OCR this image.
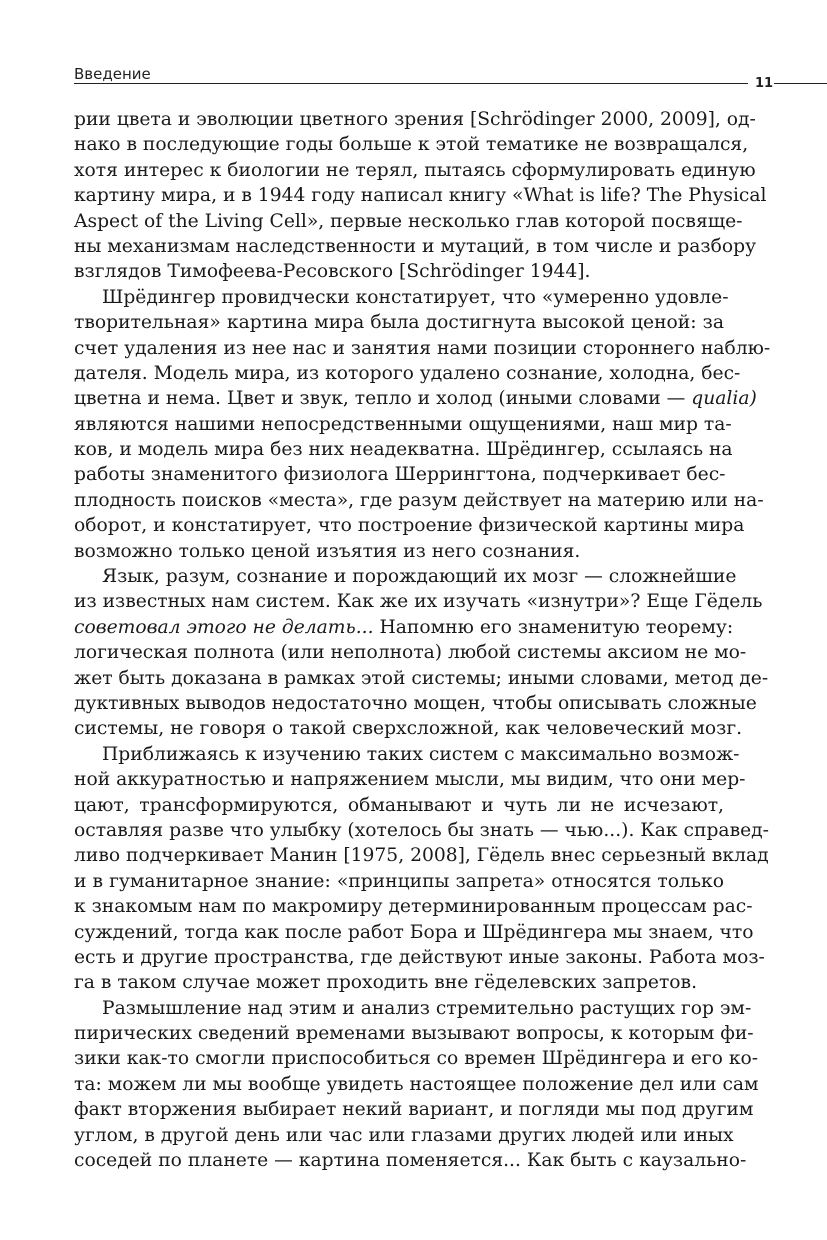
Введение
11
рии цвета и эволюции цветного зрения [Schrödinger 2000, 2009], од-
нако в последующие годы больше к этой тематике не возвращался,
хотя интерес к биологии не терял, пытаясь сформулировать единую
картину мира, и в 1944 году написал книгу «What is life? The Physical
Aspect of the Living Cell», первые несколько глав которой посвяще-
ны механизмам наследственности и мутаций, в том числе и разбору
взглядов Тимофеева-Ресовского [Schrödinger 1944].
Шрёдингер провидчески констатирует, что «умеренно удовле-
творительная» картина мира была достигнута высокой ценой: за
счет удаления из нее нас и занятия нами позиции стороннего наблю-
дателя. Модель мира, из которого удалено сознание, холодна, бес-
цветна и нема. Цвет и звук, тепло и холод (иными словами — qualia)
являются нашими непосредственными ощущениями, наш мир та-
ков, и модель мира без них неадекватна. Шрёдингер, ссылаясь на
работы знаменитого физиолога Шеррингтона, подчеркивает бес-
плодность поисков «места», где разум действует на материю или на-
оборот, и констатирует, что построение физической картины мира
возможно только ценой изъятия из него сознания.
Язык, разум, сознание и порождающий их мозг — сложнейшие
из известных нам систем. Как же их изучать «изнутри»? Еще Гёдель
советовал этого не делать... Напомню его знаменитую теорему:
логическая полнота (или неполнота) любой системы аксиом не мо-
жет быть доказана в рамках этой системы; иными словами, метод де-
дуктивных выводов недостаточно мощен, чтобы описывать сложные
системы, не говоря о такой сверхсложной, как человеческий мозг.
Приближаясь к изучению таких систем с максимально возмож-
ной аккуратностью и напряжением мысли, мы видим, что они мер-
цают, трансформируются, обманывают и чуть ли не исчезают,
оставляя разве что улыбку (хотелось бы знать — чью...). Как справед-
ливо подчеркивает Манин [1975, 2008], Гёдель внес серьезный вклад
и в гуманитарное знание: «принципы запрета» относятся только
к знакомым нам по макромиру детерминированным процессам рас-
суждений, тогда как после работ Бора и Шрёдингера мы знаем, что
есть и другие пространства, где действуют иные законы. Работа моз-
га в таком случае может проходить вне гёделевских запретов.
Размышление над этим и анализ стремительно растущих гор эм-
пирических сведений временами вызывают вопросы, к которым фи-
зики как-то смогли приспособиться со времен Шрёдингера и его ко-
та: можем ли мы вообще увидеть настоящее положение дел или сам
факт вторжения выбирает некий вариант, и погляди мы под другим
углом, в другой день или час или глазами других людей или иных
соседей по планете — картина поменяется... Как быть с каузально-
